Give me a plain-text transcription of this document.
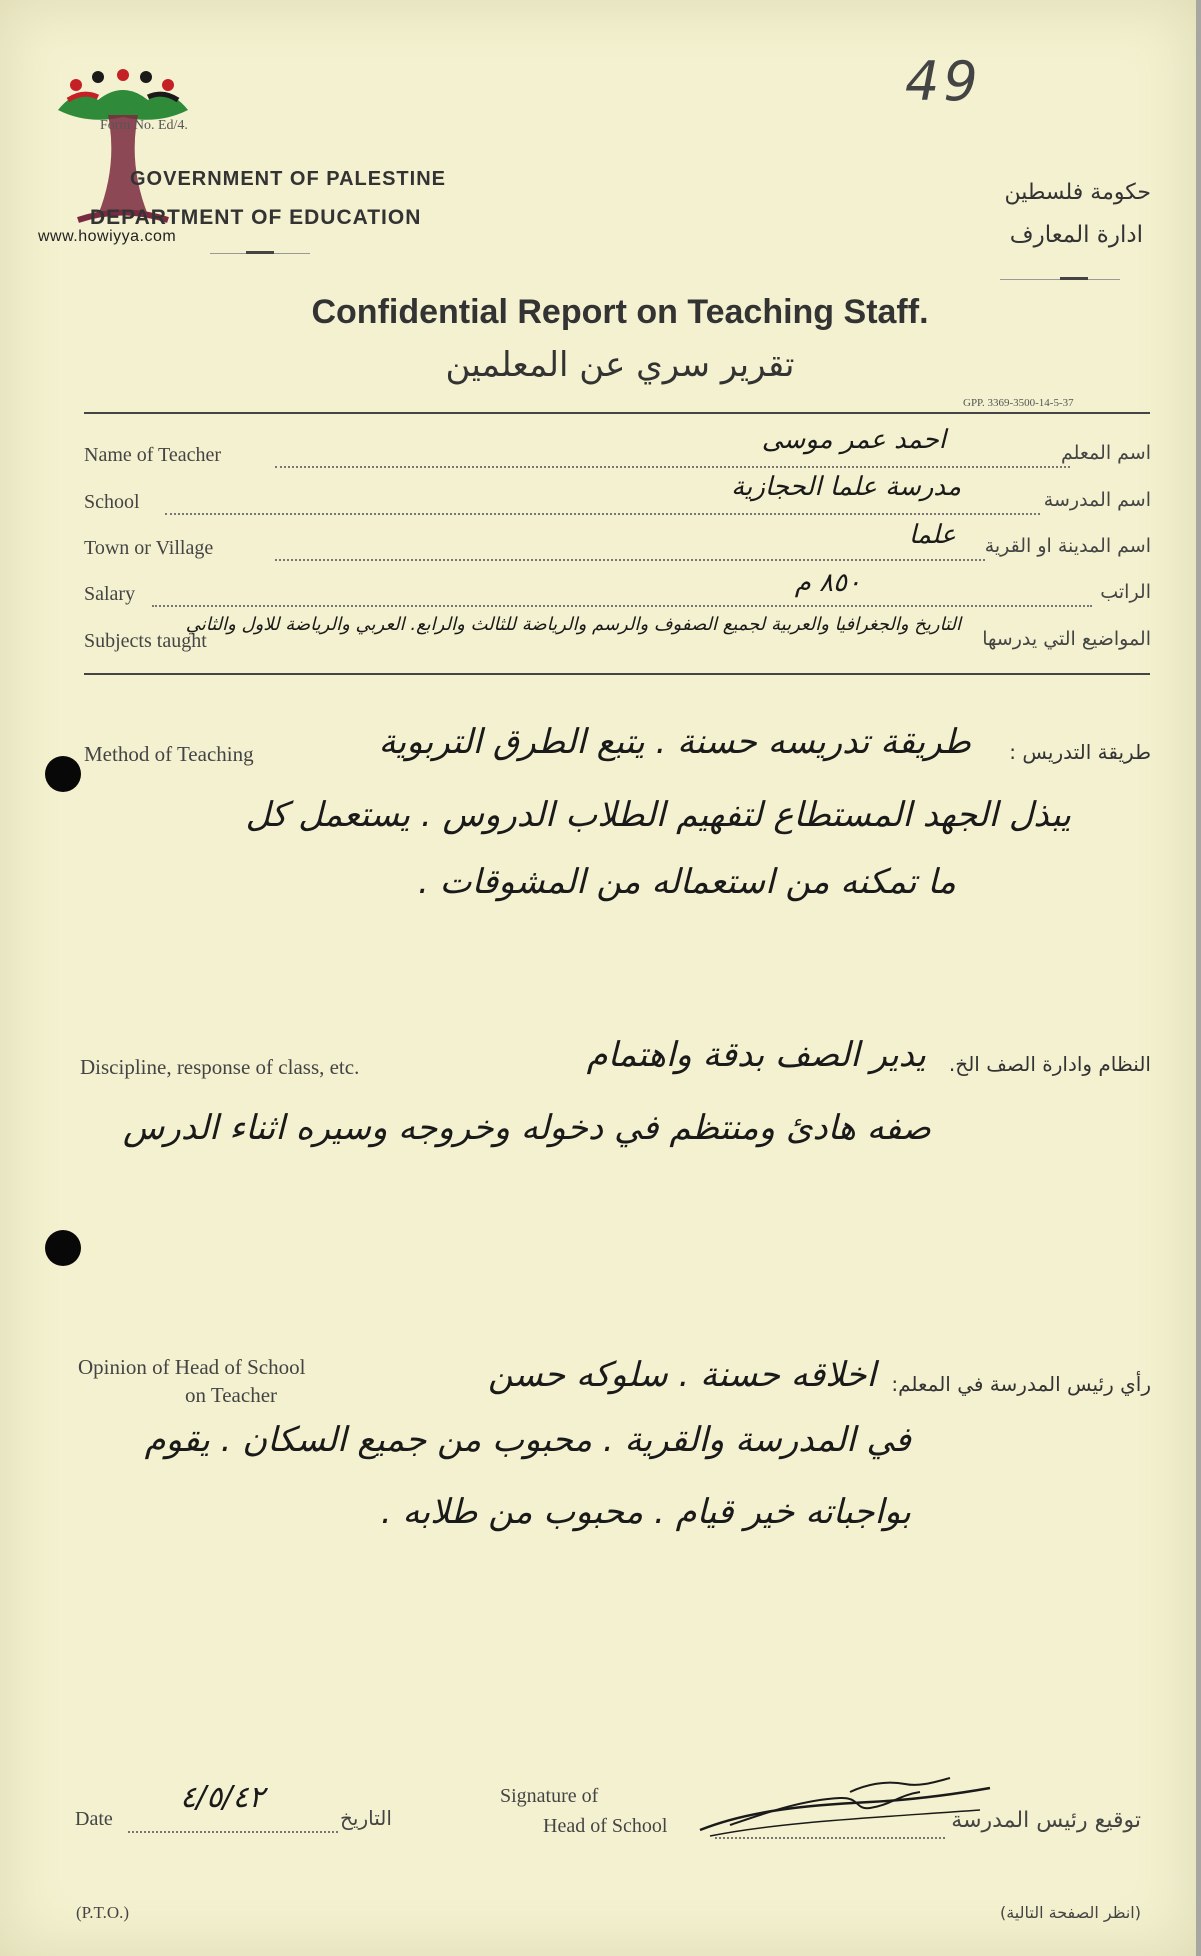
49
Form No. Ed/4.
www.howiyya.com
GOVERNMENT OF PALESTINE
DEPARTMENT OF EDUCATION
حكومة فلسطين
ادارة المعارف
Confidential Report on Teaching Staff.
تقرير سري عن المعلمين
GPP. 3369-3500-14-5-37
Name of Teacher	اسم المعلم
احمد عمر موسى
School	اسم المدرسة
مدرسة علما الحجازية
Town or Village	اسم المدينة او القرية
علما
Salary	الراتب
٨٥٠ م
Subjects taught	المواضيع التي يدرسها
التاريخ والجغرافيا والعربية لجميع الصفوف والرسم والرياضة للثالث والرابع. العربي والرياضة للاول والثاني
Method of Teaching	طريقة التدريس :
طريقة تدريسه حسنة . يتبع الطرق التربوية
يبذل الجهد المستطاع لتفهيم الطلاب الدروس . يستعمل كل
ما تمكنه من استعماله من المشوقات .
Discipline, response of class, etc.	النظام وادارة الصف الخ.
يدير الصف بدقة واهتمام
صفه هادئ ومنتظم في دخوله وخروجه وسيره اثناء الدرس
Opinion of Head of School
on Teacher	رأي رئيس المدرسة في المعلم:
اخلاقه حسنة . سلوكه حسن
في المدرسة والقرية . محبوب من جميع السكان . يقوم
بواجباته خير قيام . محبوب من طلابه .
Date
٤/٥/٤٢
التاريخ
Signature of
Head of School	توقيع رئيس المدرسة
(P.T.O.)	(انظر الصفحة التالية)
